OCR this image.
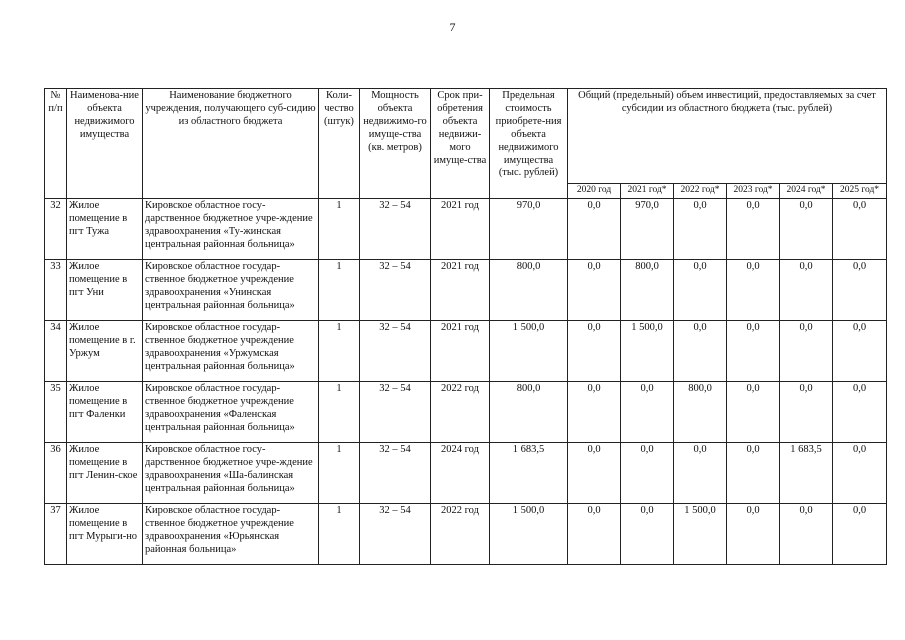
7
№ п/п	Наименова-ние объекта недвижимого имущества	Наименование бюджетного учреждения, получающего суб-сидию из областного бюджета	Коли-чество (штук)	Мощность объекта недвижимо-го имуще-ства (кв. метров)	Срок при-обретения объекта недвижи-мого имуще-ства	Предельная стоимость приобрете-ния объекта недвижимого имущества (тыс. рублей)	Общий (предельный) объем инвестиций, предоставляемых за счет субсидии из областного бюджета (тыс. рублей)					
							2020 год	2021 год*	2022 год*	2023 год*	2024 год*	2025 год*
32	Жилое помещение в пгт Тужа	Кировское областное госу-дарственное бюджетное учре-ждение здравоохранения «Ту-жинская центральная районная больница»	1	32 – 54	2021 год	970,0	0,0	970,0	0,0	0,0	0,0	0,0
33	Жилое помещение в пгт Уни	Кировское областное государ-ственное бюджетное учреждение здравоохранения «Унинская центральная районная больница»	1	32 – 54	2021 год	800,0	0,0	800,0	0,0	0,0	0,0	0,0
34	Жилое помещение в г. Уржум	Кировское областное государ-ственное бюджетное учреждение здравоохранения «Уржумская центральная районная больница»	1	32 – 54	2021 год	1 500,0	0,0	1 500,0	0,0	0,0	0,0	0,0
35	Жилое помещение в пгт Фаленки	Кировское областное государ-ственное бюджетное учреждение здравоохранения «Фаленская центральная районная больница»	1	32 – 54	2022 год	800,0	0,0	0,0	800,0	0,0	0,0	0,0
36	Жилое помещение в пгт Ленин-ское	Кировское областное госу-дарственное бюджетное учре-ждение здравоохранения «Ша-балинская центральная районная больница»	1	32 – 54	2024 год	1 683,5	0,0	0,0	0,0	0,0	1 683,5	0,0
37	Жилое помещение в пгт Мурыги-но	Кировское областное государ-ственное бюджетное учреждение здравоохранения «Юрьянская районная больница»	1	32 – 54	2022 год	1 500,0	0,0	0,0	1 500,0	0,0	0,0	0,0
